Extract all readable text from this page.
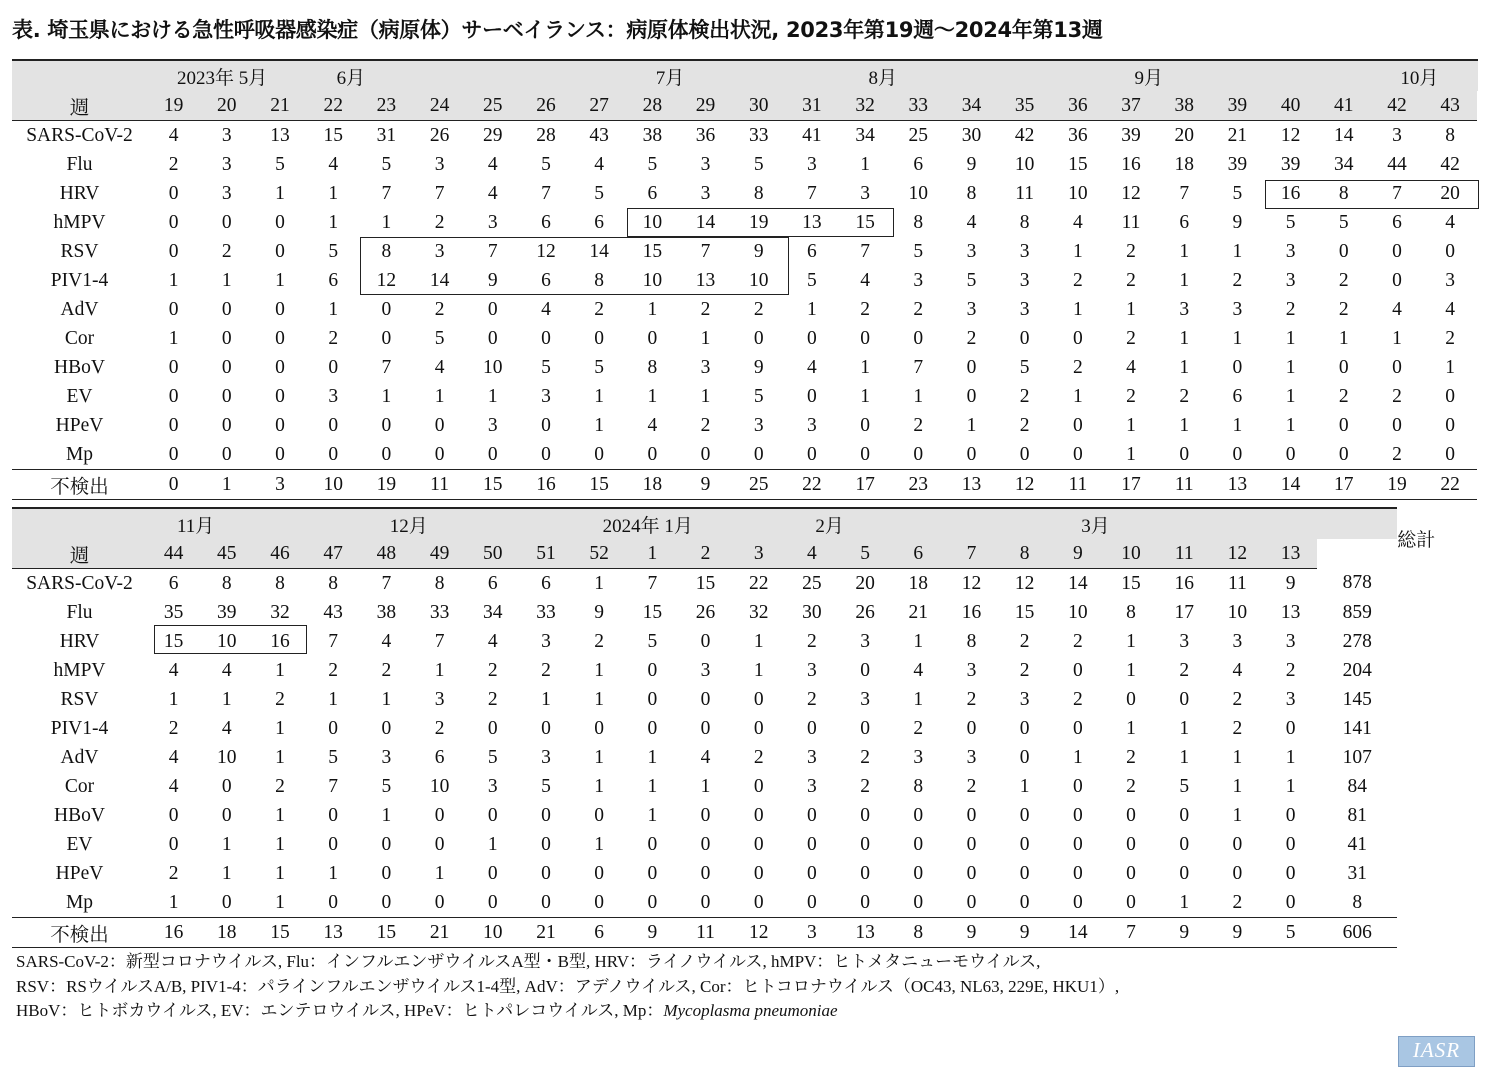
表. 埼玉県における急性呼吸器感染症（病原体）サーベイランス：病原体検出状況, 2023年第19週〜2024年第13週
	2023年 5月			6月						7月				8月					9月					10月	
週	19	20	21	22	23	24	25	26	27	28	29	30	31	32	33	34	35	36	37	38	39	40	41	42	43
SARS-CoV-2	4	3	13	15	31	26	29	28	43	38	36	33	41	34	25	30	42	36	39	20	21	12	14	3	8
Flu	2	3	5	4	5	3	4	5	4	5	3	5	3	1	6	9	10	15	16	18	39	39	34	44	42
HRV	0	3	1	1	7	7	4	7	5	6	3	8	7	3	10	8	11	10	12	7	5	16	8	7	20
hMPV	0	0	0	1	1	2	3	6	6	10	14	19	13	15	8	4	8	4	11	6	9	5	5	6	4
RSV	0	2	0	5	8	3	7	12	14	15	7	9	6	7	5	3	3	1	2	1	1	3	0	0	0
PIV1-4	1	1	1	6	12	14	9	6	8	10	13	10	5	4	3	5	3	2	2	1	2	3	2	0	3
AdV	0	0	0	1	0	2	0	4	2	1	2	2	1	2	2	3	3	1	1	3	3	2	2	4	4
Cor	1	0	0	2	0	5	0	0	0	0	1	0	0	0	0	2	0	0	2	1	1	1	1	1	2
HBoV	0	0	0	0	7	4	10	5	5	8	3	9	4	1	7	0	5	2	4	1	0	1	0	0	1
EV	0	0	0	3	1	1	1	3	1	1	1	5	0	1	1	0	2	1	2	2	6	1	2	2	0
HPeV	0	0	0	0	0	0	3	0	1	4	2	3	3	0	2	1	2	0	1	1	1	1	0	0	0
Mp	0	0	0	0	0	0	0	0	0	0	0	0	0	0	0	0	0	0	1	0	0	0	0	2	0
不検出	0	1	3	10	19	11	15	16	15	18	9	25	22	17	23	13	12	11	17	11	13	14	17	19	22
	11月				12月				2024年 1月				2月					3月						総計
週	44	45	46	47	48	49	50	51	52	1	2	3	4	5	6	7	8	9	10	11	12	13		
SARS-CoV-2	6	8	8	8	7	8	6	6	1	7	15	22	25	20	18	12	12	14	15	16	11	9	878	
Flu	35	39	32	43	38	33	34	33	9	15	26	32	30	26	21	16	15	10	8	17	10	13	859	
HRV	15	10	16	7	4	7	4	3	2	5	0	1	2	3	1	8	2	2	1	3	3	3	278	
hMPV	4	4	1	2	2	1	2	2	1	0	3	1	3	0	4	3	2	0	1	2	4	2	204	
RSV	1	1	2	1	1	3	2	1	1	0	0	0	2	3	1	2	3	2	0	0	2	3	145	
PIV1-4	2	4	1	0	0	2	0	0	0	0	0	0	0	0	2	0	0	0	1	1	2	0	141	
AdV	4	10	1	5	3	6	5	3	1	1	4	2	3	2	3	3	0	1	2	1	1	1	107	
Cor	4	0	2	7	5	10	3	5	1	1	1	0	3	2	8	2	1	0	2	5	1	1	84	
HBoV	0	0	1	0	1	0	0	0	0	1	0	0	0	0	0	0	0	0	0	0	1	0	81	
EV	0	1	1	0	0	0	1	0	1	0	0	0	0	0	0	0	0	0	0	0	0	0	41	
HPeV	2	1	1	1	0	1	0	0	0	0	0	0	0	0	0	0	0	0	0	0	0	0	31	
Mp	1	0	1	0	0	0	0	0	0	0	0	0	0	0	0	0	0	0	0	1	2	0	8	
不検出	16	18	15	13	15	21	10	21	6	9	11	12	3	13	8	9	9	14	7	9	9	5	606	
SARS-CoV-2：新型コロナウイルス, Flu：インフルエンザウイルスA型・B型, HRV：ライノウイルス, hMPV：ヒトメタニューモウイルス,
RSV：RSウイルスA/B, PIV1-4：パラインフルエンザウイルス1-4型, AdV：アデノウイルス, Cor：ヒトコロナウイルス（OC43, NL63, 229E, HKU1）,
HBoV：ヒトボカウイルス, EV：エンテロウイルス, HPeV：ヒトパレコウイルス, Mp：Mycoplasma pneumoniae
IASR
